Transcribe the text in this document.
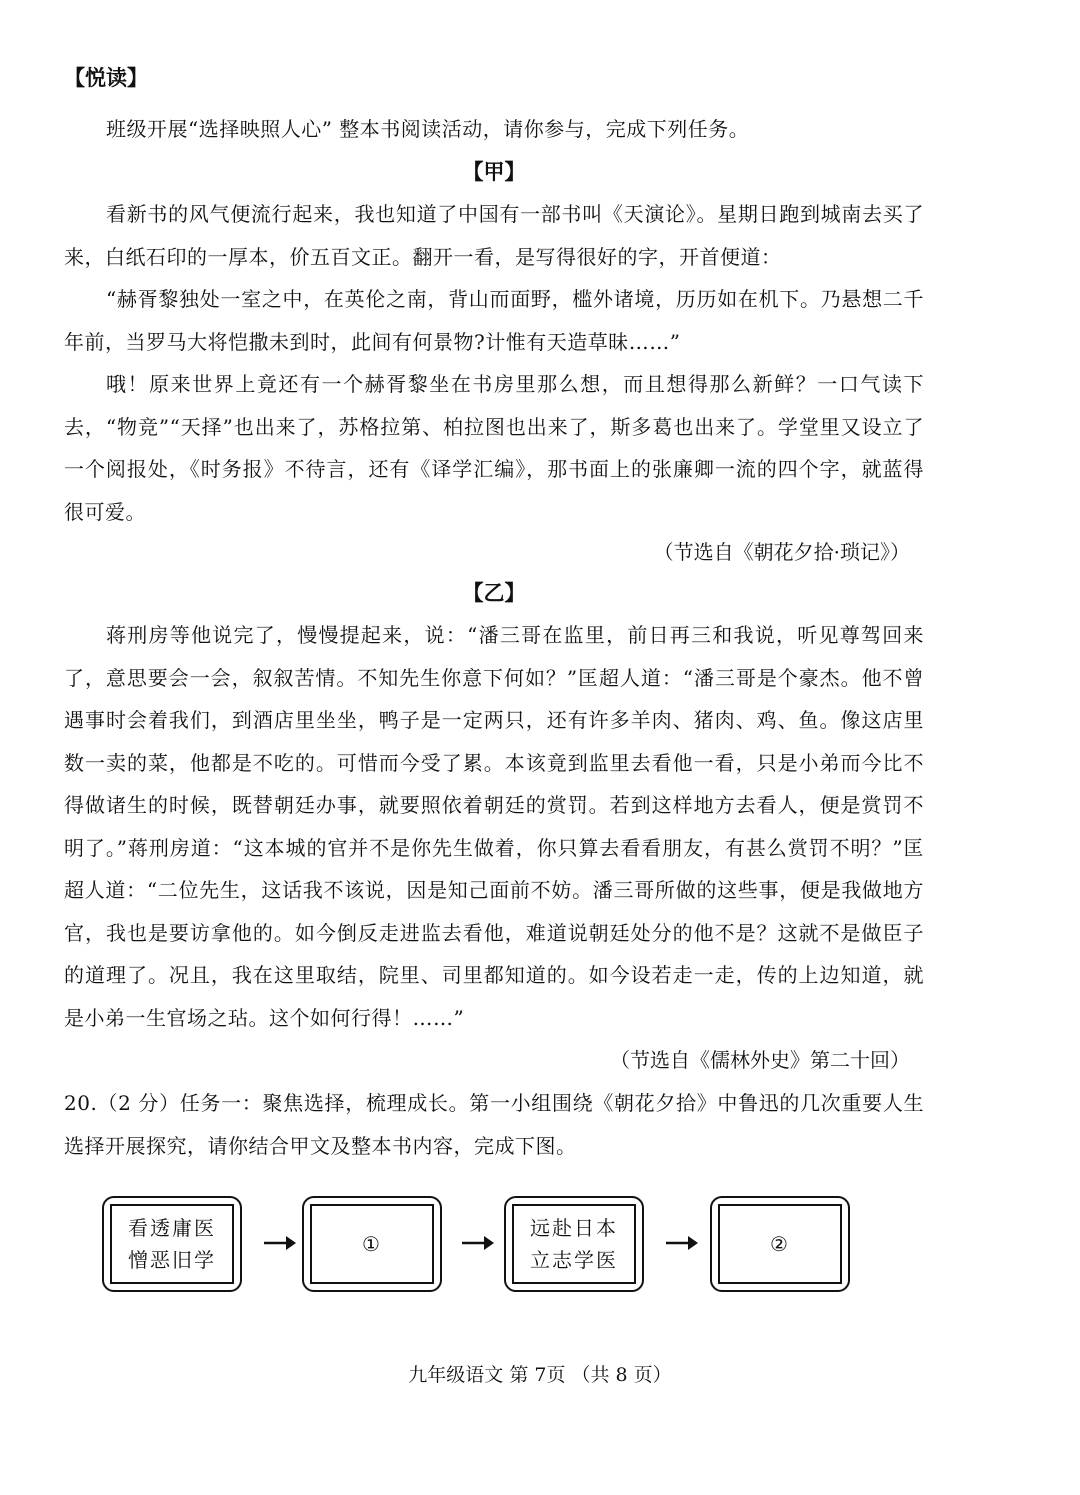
【悦读】

班级开展“选择映照人心” 整本书阅读活动，请你参与，完成下列任务。

【甲】

看新书的风气便流行起来，我也知道了中国有一部书叫《天演论》。星期日跑到城南去买了来，白纸石印的一厚本，价五百文正。翻开一看，是写得很好的字，开首便道：

“赫胥黎独处一室之中，在英伦之南，背山而面野，槛外诸境，历历如在机下。乃悬想二千年前，当罗马大将恺撒未到时，此间有何景物?计惟有天造草昧……”

哦！原来世界上竟还有一个赫胥黎坐在书房里那么想，而且想得那么新鲜？一口气读下去，“物竞”“天择”也出来了，苏格拉第、柏拉图也出来了，斯多葛也出来了。学堂里又设立了一个阅报处，《时务报》不待言，还有《译学汇编》，那书面上的张廉卿一流的四个字，就蓝得很可爱。

（节选自《朝花夕拾·琐记》）

【乙】

蒋刑房等他说完了，慢慢提起来，说：“潘三哥在监里，前日再三和我说，听见尊驾回来了，意思要会一会，叙叙苦情。不知先生你意下何如？”匡超人道：“潘三哥是个豪杰。他不曾遇事时会着我们，到酒店里坐坐，鸭子是一定两只，还有许多羊肉、猪肉、鸡、鱼。像这店里数一卖的菜，他都是不吃的。可惜而今受了累。本该竟到监里去看他一看，只是小弟而今比不得做诸生的时候，既替朝廷办事，就要照依着朝廷的赏罚。若到这样地方去看人，便是赏罚不明了。”蒋刑房道：“这本城的官并不是你先生做着，你只算去看看朋友，有甚么赏罚不明？”匡超人道：“二位先生，这话我不该说，因是知己面前不妨。潘三哥所做的这些事，便是我做地方官，我也是要访拿他的。如今倒反走进监去看他，难道说朝廷处分的他不是？这就不是做臣子的道理了。况且，我在这里取结，院里、司里都知道的。如今设若走一走，传的上边知道，就是小弟一生官场之玷。这个如何行得！……”

（节选自《儒林外史》第二十回）

20.（2 分）任务一：聚焦选择，梳理成长。第一小组围绕《朝花夕拾》中鲁迅的几次重要人生选择开展探究，请你结合甲文及整本书内容，完成下图。

看透庸医
憎恶旧学
①
远赴日本
立志学医
②

九年级语文 第 7页 （共 8 页）
